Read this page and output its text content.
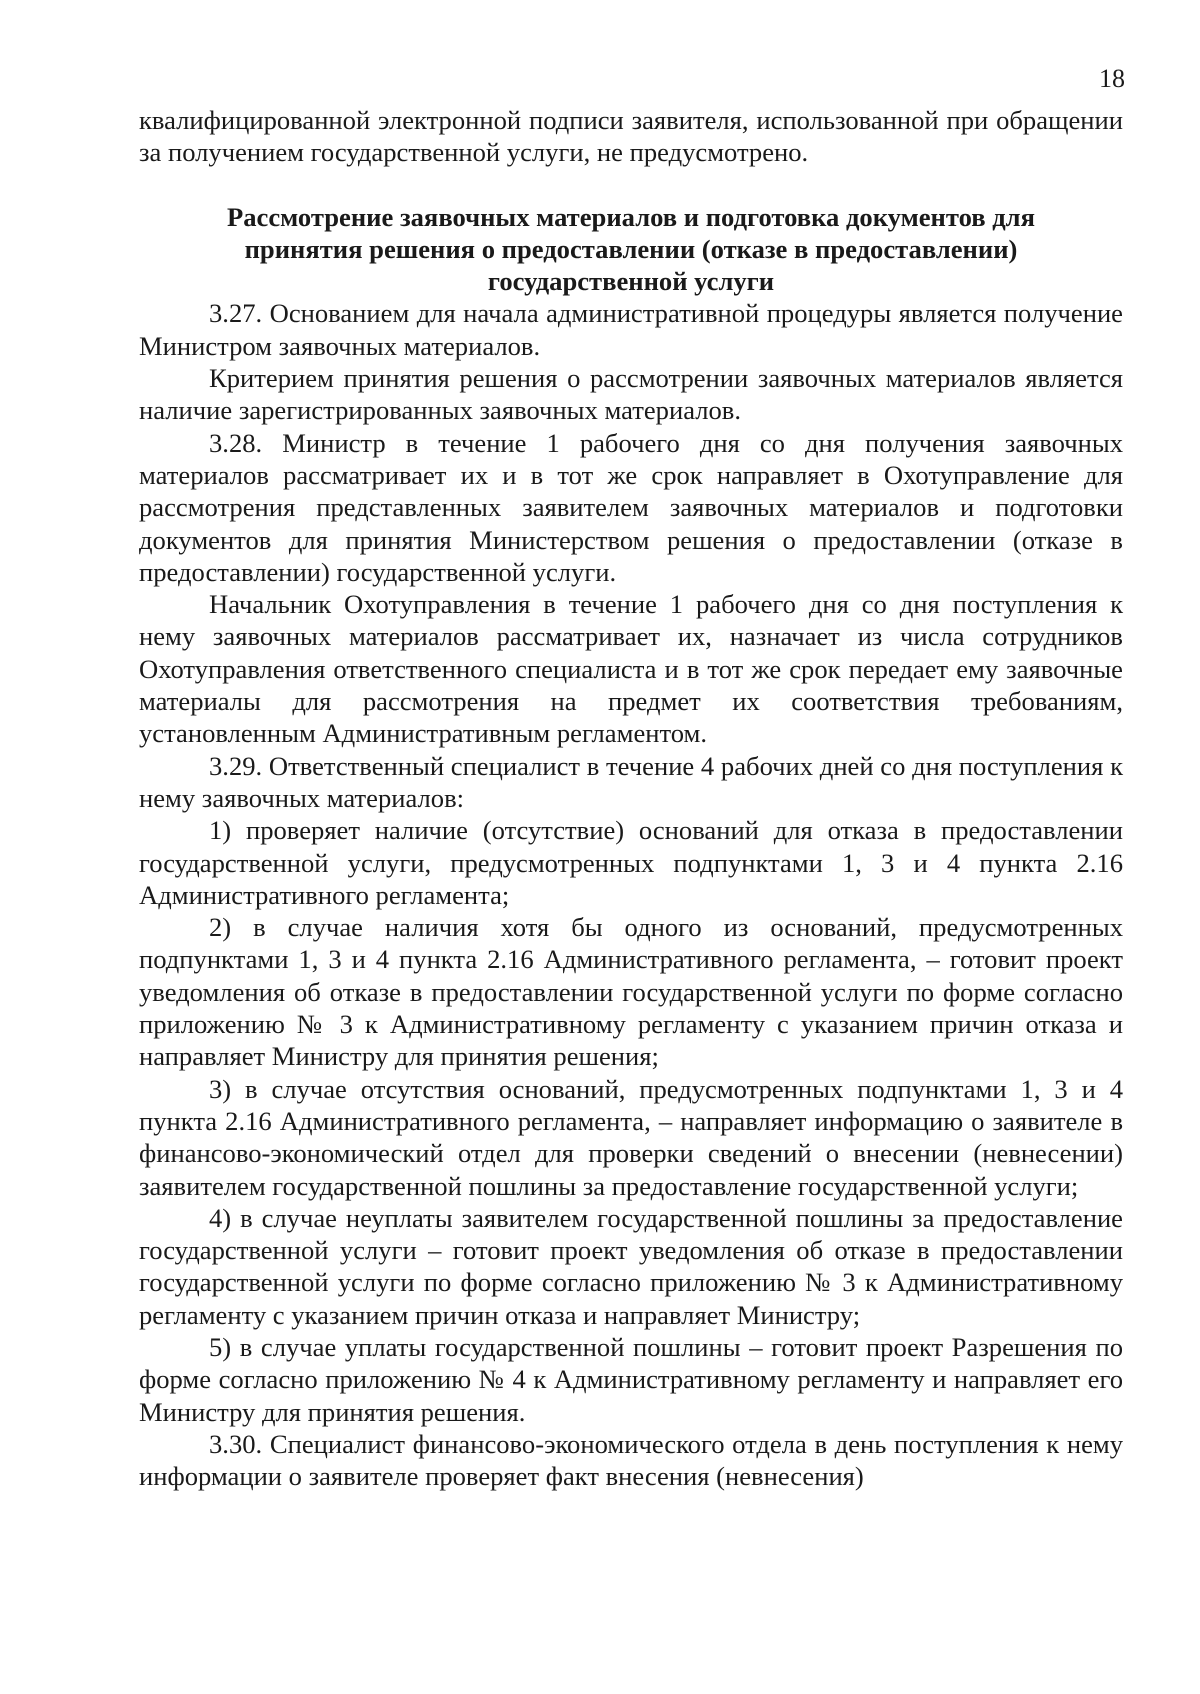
18

квалифицированной электронной подписи заявителя, использованной при обращении за получением государственной услуги, не предусмотрено.

Рассмотрение заявочных материалов и подготовка документов для
принятия решения о предоставлении (отказе в предоставлении)
государственной услуги

3.27. Основанием для начала административной процедуры является получение Министром заявочных материалов.

Критерием принятия решения о рассмотрении заявочных материалов является наличие зарегистрированных заявочных материалов.

3.28. Министр в течение 1 рабочего дня со дня получения заявочных материалов рассматривает их и в тот же срок направляет в Охотуправление для рассмотрения представленных заявителем заявочных материалов и подготовки документов для принятия Министерством решения о предоставлении (отказе в предоставлении) государственной услуги.

Начальник Охотуправления в течение 1 рабочего дня со дня поступления к нему заявочных материалов рассматривает их, назначает из числа сотрудников Охотуправления ответственного специалиста и в тот же срок передает ему заявочные материалы для рассмотрения на предмет их соответствия требованиям, установленным Административным регламентом.

3.29. Ответственный специалист в течение 4 рабочих дней со дня поступления к нему заявочных материалов:

1) проверяет наличие (отсутствие) оснований для отказа в предоставлении государственной услуги, предусмотренных подпунктами 1, 3 и 4 пункта 2.16 Административного регламента;

2) в случае наличия хотя бы одного из оснований, предусмотренных подпунктами 1, 3 и 4 пункта 2.16 Административного регламента, – готовит проект уведомления об отказе в предоставлении государственной услуги по форме согласно приложению № 3 к Административному регламенту с указанием причин отказа и направляет Министру для принятия решения;

3) в случае отсутствия оснований, предусмотренных подпунктами 1, 3 и 4 пункта 2.16 Административного регламента, – направляет информацию о заявителе в финансово-экономический отдел для проверки сведений о внесении (невнесении) заявителем государственной пошлины за предоставление государственной услуги;

4) в случае неуплаты заявителем государственной пошлины за предоставление государственной услуги – готовит проект уведомления об отказе в предоставлении государственной услуги по форме согласно приложению № 3 к Административному регламенту с указанием причин отказа и направляет Министру;

5) в случае уплаты государственной пошлины – готовит проект Разрешения по форме согласно приложению № 4 к Административному регламенту и направляет его Министру для принятия решения.

3.30. Специалист финансово-экономического отдела в день поступления к нему информации о заявителе проверяет факт внесения (невнесения)
